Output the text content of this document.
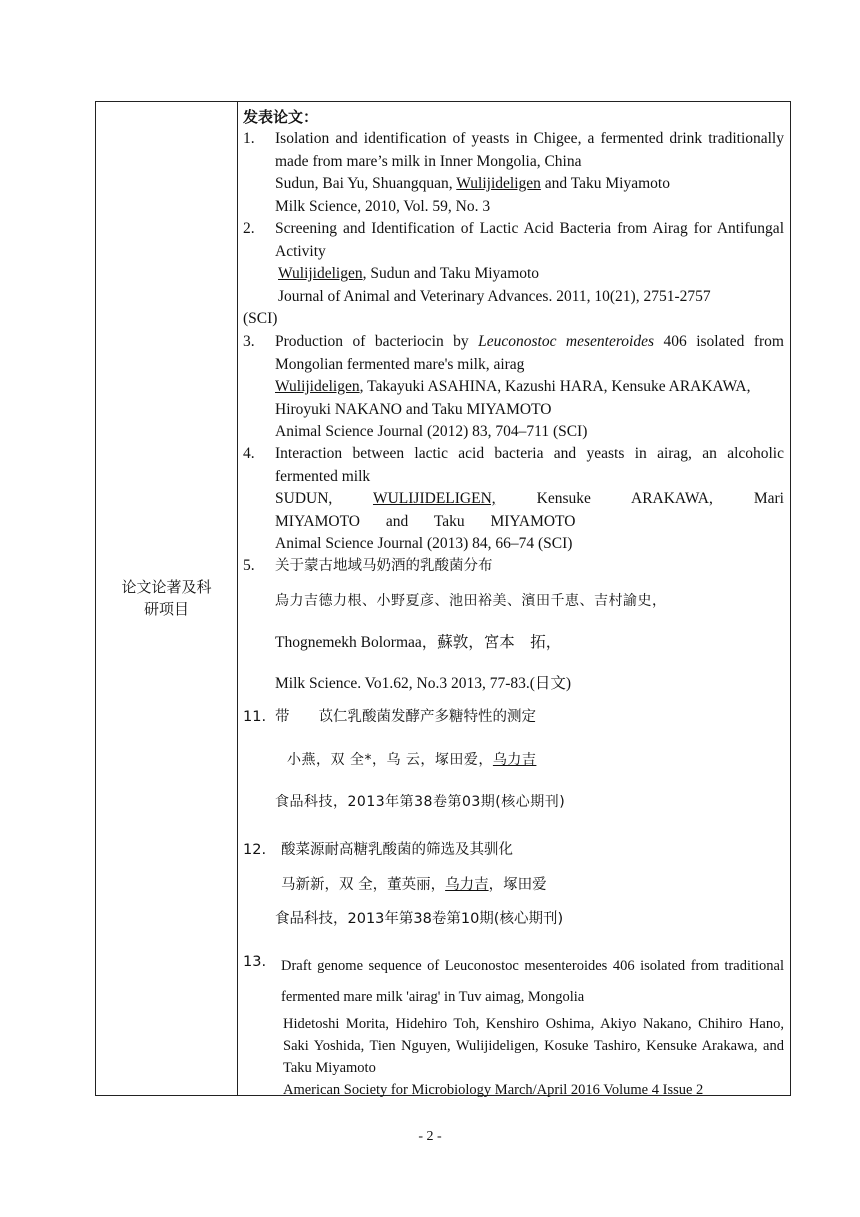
论文论著及科
研项目
发表论文：
1.	Isolation and identification of yeasts in Chigee, a fermented drink traditionally made from mare’s milk in Inner Mongolia, China
Sudun, Bai Yu, Shuangquan, Wulijideligen and Taku Miyamoto
Milk Science, 2010, Vol. 59, No. 3
2.	Screening and Identification of Lactic Acid Bacteria from Airag for Antifungal Activity
Wulijideligen, Sudun and Taku Miyamoto
Journal of Animal and Veterinary Advances. 2011, 10(21), 2751-2757
(SCI)
3.	Production of bacteriocin by Leuconostoc mesenteroides 406 isolated from Mongolian fermented mare's milk, airag
Wulijideligen, Takayuki ASAHINA, Kazushi HARA, Kensuke ARAKAWA, Hiroyuki NAKANO and Taku MIYAMOTO
Animal Science Journal (2012) 83, 704–711 (SCI)
4.	Interaction between lactic acid bacteria and yeasts in airag, an alcoholic fermented milk
SUDUN, WULIJIDELIGEN, Kensuke ARAKAWA, Mari MIYAMOTO and Taku MIYAMOTO
Animal Science Journal (2013) 84, 66–74 (SCI)
5.	关于蒙古地域马奶酒的乳酸菌分布
烏力吉德力根、小野夏彦、池田裕美、濱田千恵、吉村諭史，
Thognemekh Bolormaa，蘇敦，宮本　拓，
Milk Science. Vo1.62, No.3 2013, 77-83.(日文)
11. 带　　苡仁乳酸菌发酵产多糖特性的测定
小燕，双 全*，乌 云，塚田爱，乌力吉
食品科技，2013年第38卷第03期(核心期刊)
12.	酸菜源耐高糖乳酸菌的筛选及其驯化
马新新，双 全，董英丽，乌力吉，塚田爱
食品科技，2013年第38卷第10期(核心期刊)
13.	Draft genome sequence of Leuconostoc mesenteroides 406 isolated from traditional fermented mare milk 'airag' in Tuv aimag, Mongolia
Hidetoshi Morita, Hidehiro Toh, Kenshiro Oshima, Akiyo Nakano, Chihiro Hano, Saki Yoshida, Tien Nguyen, Wulijideligen, Kosuke Tashiro, Kensuke Arakawa, and Taku Miyamoto
American Society for Microbiology March/April 2016 Volume 4 Issue 2
- 2 -
